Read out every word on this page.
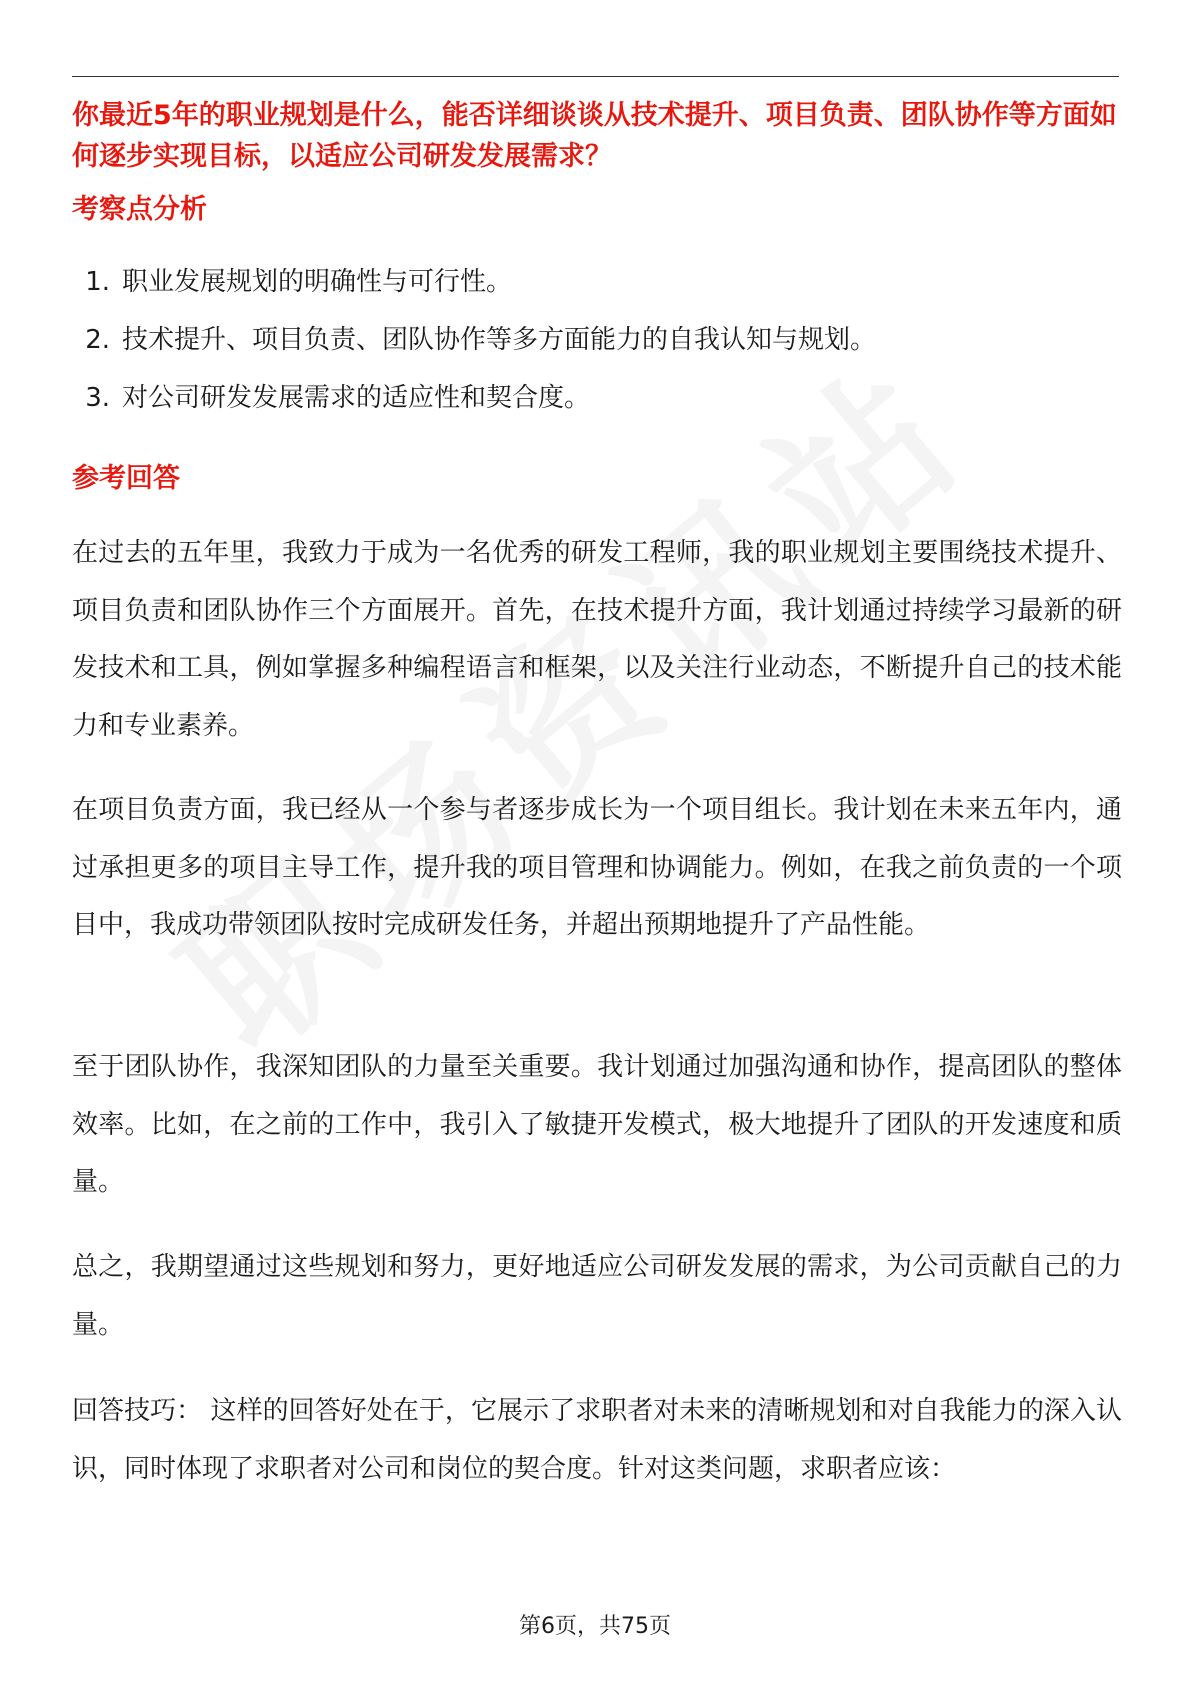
你最近5年的职业规划是什么，能否详细谈谈从技术提升、项目负责、团队协作等方面如何逐步实现目标，以适应公司研发发展需求？

考察点分析
1. 职业发展规划的明确性与可行性。
2. 技术提升、项目负责、团队协作等多方面能力的自我认知与规划。
3. 对公司研发发展需求的适应性和契合度。
参考回答

在过去的五年里，我致力于成为一名优秀的研发工程师，我的职业规划主要围绕技术提升、项目负责和团队协作三个方面展开。首先，在技术提升方面，我计划通过持续学习最新的研发技术和工具，例如掌握多种编程语言和框架，以及关注行业动态，不断提升自己的技术能力和专业素养。

在项目负责方面，我已经从一个参与者逐步成长为一个项目组长。我计划在未来五年内，通过承担更多的项目主导工作，提升我的项目管理和协调能力。例如，在我之前负责的一个项目中，我成功带领团队按时完成研发任务，并超出预期地提升了产品性能。

至于团队协作，我深知团队的力量至关重要。我计划通过加强沟通和协作，提高团队的整体效率。比如，在之前的工作中，我引入了敏捷开发模式，极大地提升了团队的开发速度和质量。

总之，我期望通过这些规划和努力，更好地适应公司研发发展的需求，为公司贡献自己的力量。

回答技巧： 这样的回答好处在于，它展示了求职者对未来的清晰规划和对自我能力的深入认识，同时体现了求职者对公司和岗位的契合度。针对这类问题，求职者应该：

第6页，共75页
